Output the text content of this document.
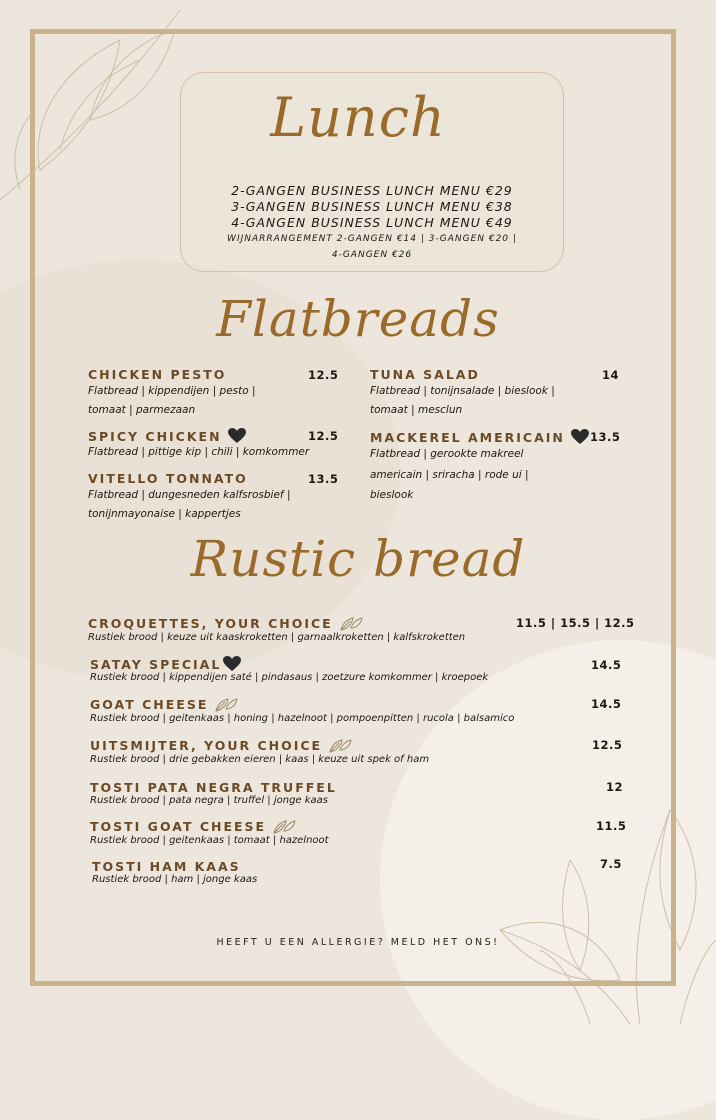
Lunch
2-GANGEN BUSINESS LUNCH MENU €29
3-GANGEN BUSINESS LUNCH MENU €38
4-GANGEN BUSINESS LUNCH MENU €49
WIJNARRANGEMENT 2-GANGEN €14 | 3-GANGEN €20 |
4-GANGEN €26
Flatbreads
CHICKEN PESTO
Flatbread | kippendijen | pesto |
tomaat | parmezaan
12.5
SPICY CHICKEN
Flatbread | pittige kip | chili | komkommer
12.5
VITELLO TONNATO
Flatbread | dungesneden kalfsrosbief |
tonijnmayonaise | kappertjes
13.5
TUNA SALAD
Flatbread | tonijnsalade | bieslook |
tomaat | mesclun
14
MACKEREL AMERICAIN
Flatbread | gerookte makreel
americain | sriracha | rode ui |
bieslook
13.5
Rustic bread
CROQUETTES, YOUR CHOICE
Rustiek brood | keuze uit kaaskroketten | garnaalkroketten | kalfskroketten
11.5 | 15.5 | 12.5
SATAY SPECIAL
Rustiek brood | kippendijen saté | pindasaus | zoetzure komkommer | kroepoek
14.5
GOAT CHEESE
Rustiek brood | geitenkaas | honing | hazelnoot | pompoenpitten | rucola | balsamico
14.5
UITSMIJTER, YOUR CHOICE
Rustiek brood | drie gebakken eieren | kaas | keuze uit spek of ham
12.5
TOSTI PATA NEGRA TRUFFEL
Rustiek brood | pata negra | truffel | jonge kaas
12
TOSTI GOAT CHEESE
Rustiek brood | geitenkaas | tomaat | hazelnoot
11.5
TOSTI HAM KAAS
Rustiek brood | ham | jonge kaas
7.5
HEEFT U EEN ALLERGIE? MELD HET ONS!
